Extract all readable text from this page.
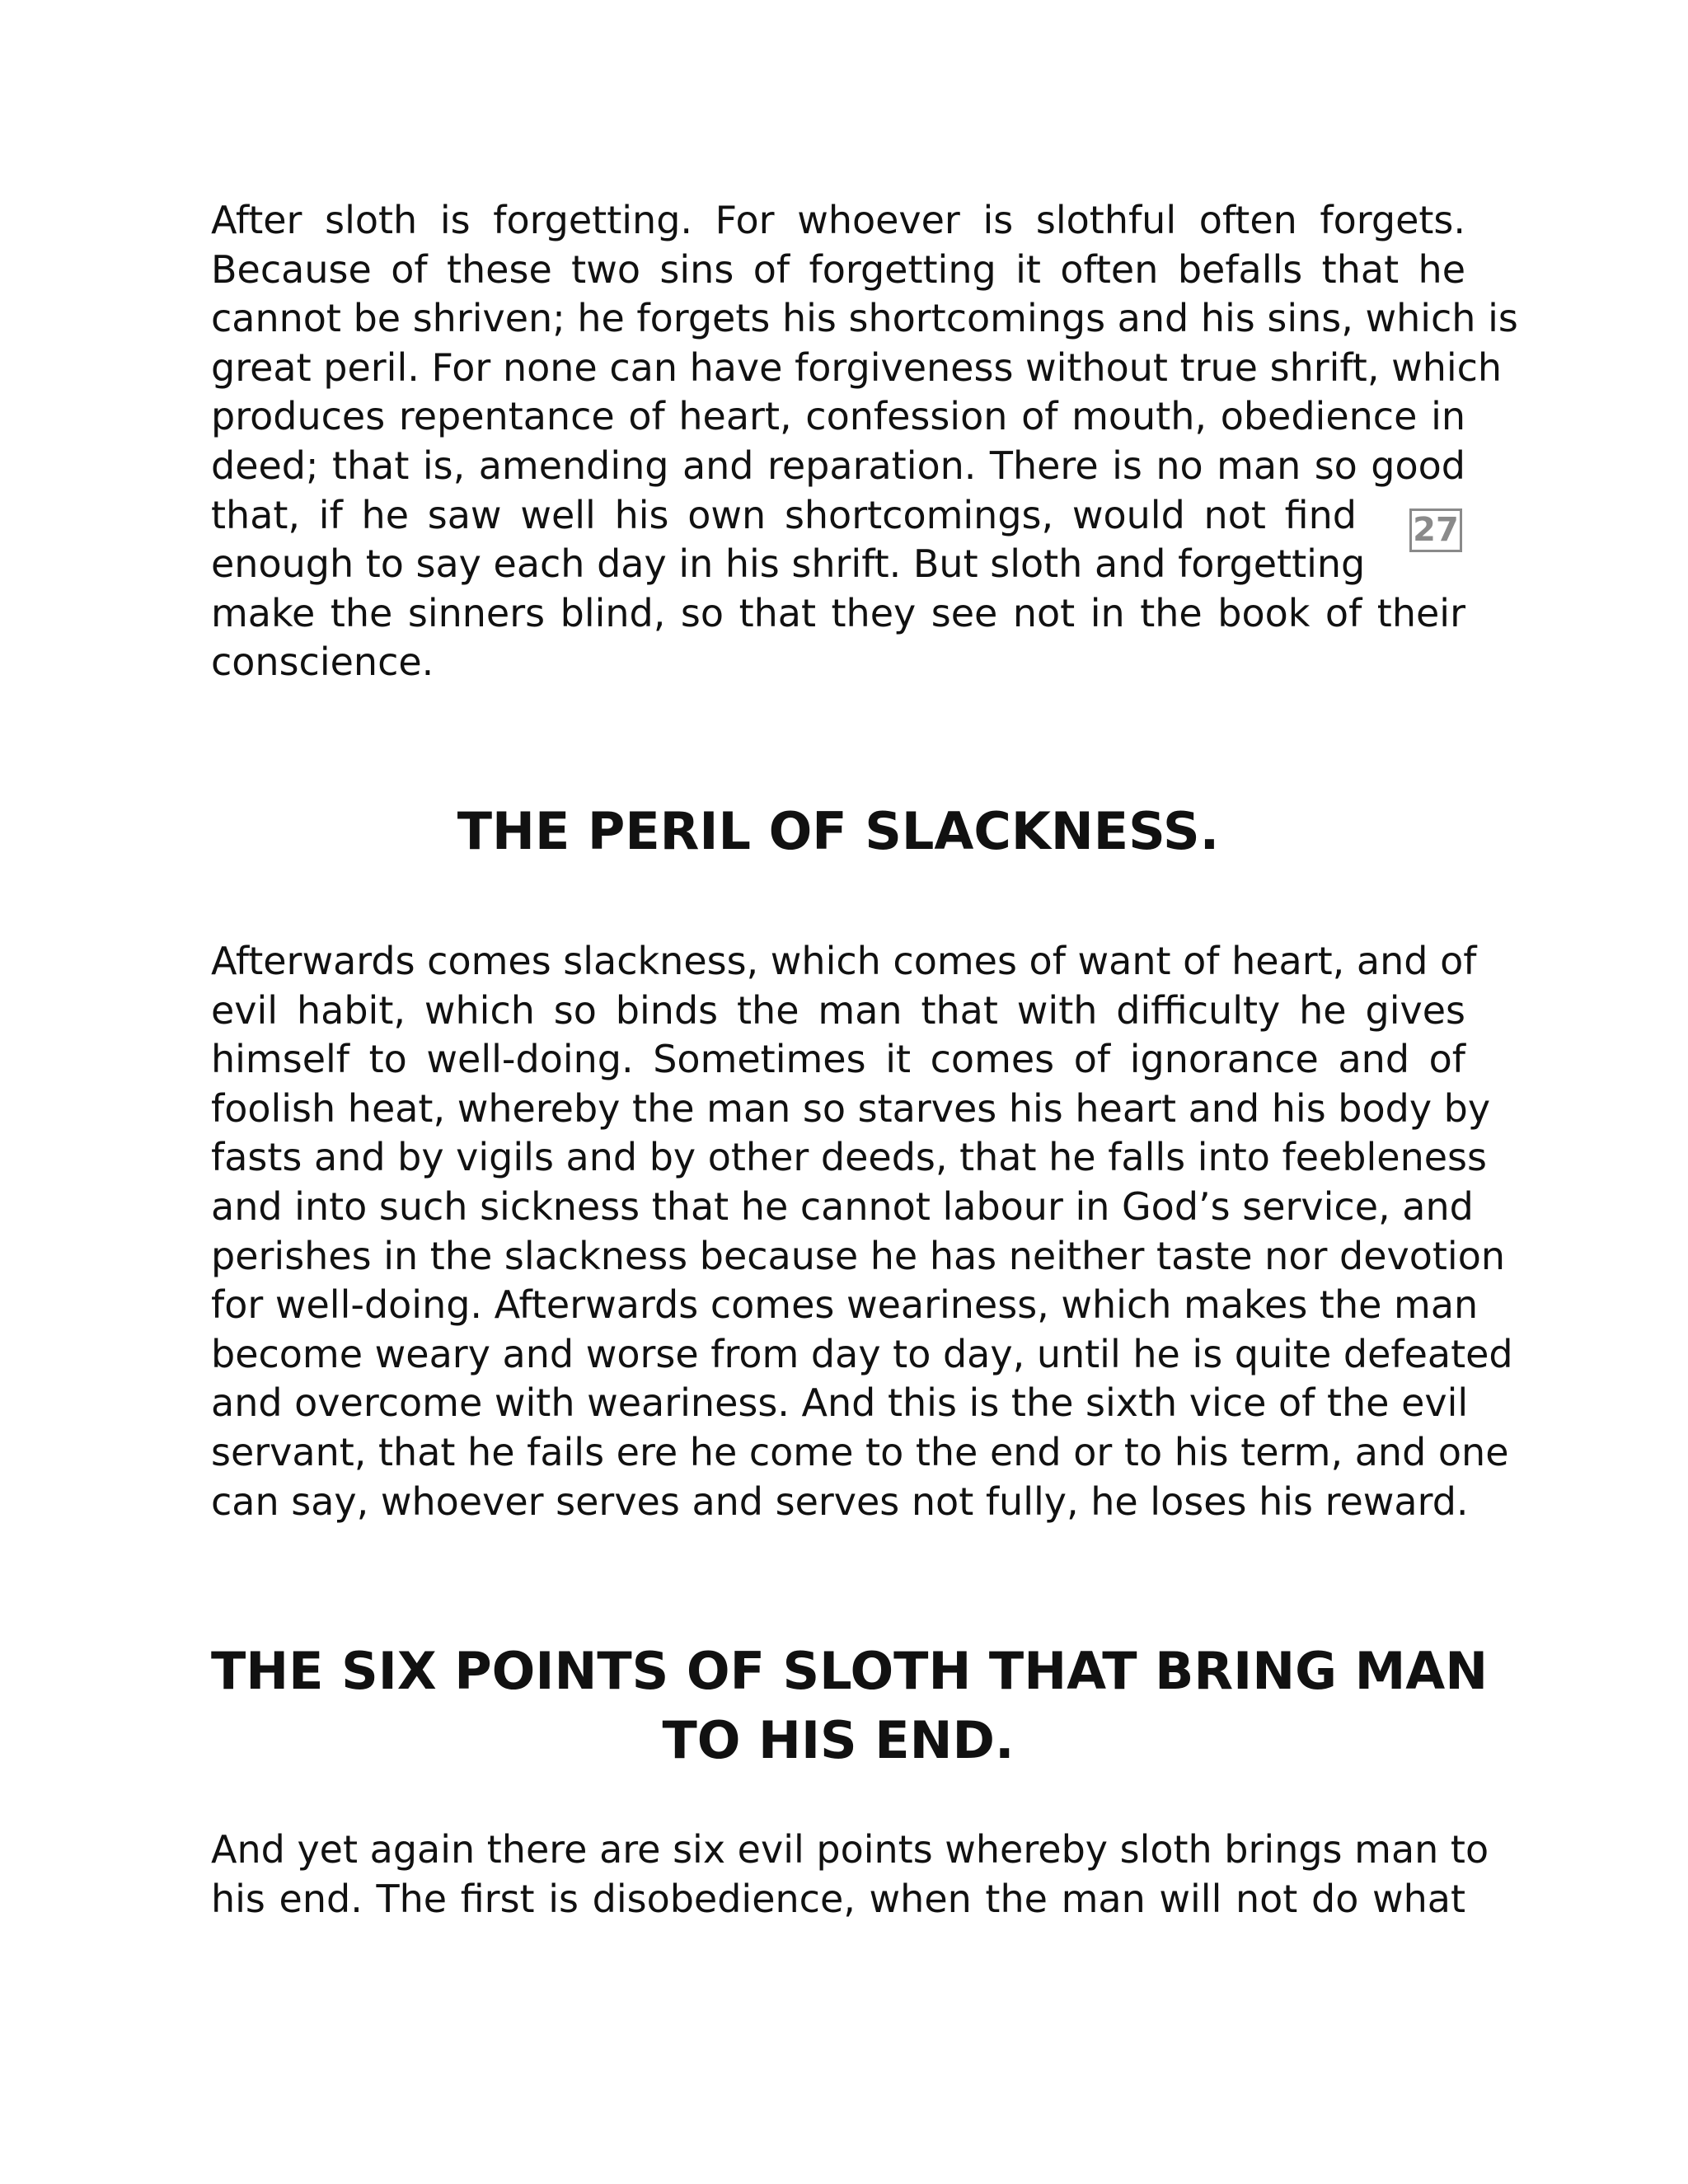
After sloth is forgetting. For whoever is slothful often forgets.
Because of these two sins of forgetting it often befalls that he
cannot be shriven; he forgets his shortcomings and his sins, which is
great peril. For none can have forgiveness without true shrift, which
produces repentance of heart, confession of mouth, obedience in
deed; that is, amending and reparation. There is no man so good
that, if he saw well his own shortcomings, would not find
enough to say each day in his shrift. But sloth and forgetting
make the sinners blind, so that they see not in the book of their
conscience.
27
THE PERIL OF SLACKNESS.
Afterwards comes slackness, which comes of want of heart, and of
evil habit, which so binds the man that with difficulty he gives
himself to well-doing. Sometimes it comes of ignorance and of
foolish heat, whereby the man so starves his heart and his body by
fasts and by vigils and by other deeds, that he falls into feebleness
and into such sickness that he cannot labour in God’s service, and
perishes in the slackness because he has neither taste nor devotion
for well-doing. Afterwards comes weariness, which makes the man
become weary and worse from day to day, until he is quite defeated
and overcome with weariness. And this is the sixth vice of the evil
servant, that he fails ere he come to the end or to his term, and one
can say, whoever serves and serves not fully, he loses his reward.
THE SIX POINTS OF SLOTH THAT BRING MAN
TO HIS END.
And yet again there are six evil points whereby sloth brings man to
his end. The first is disobedience, when the man will not do what
